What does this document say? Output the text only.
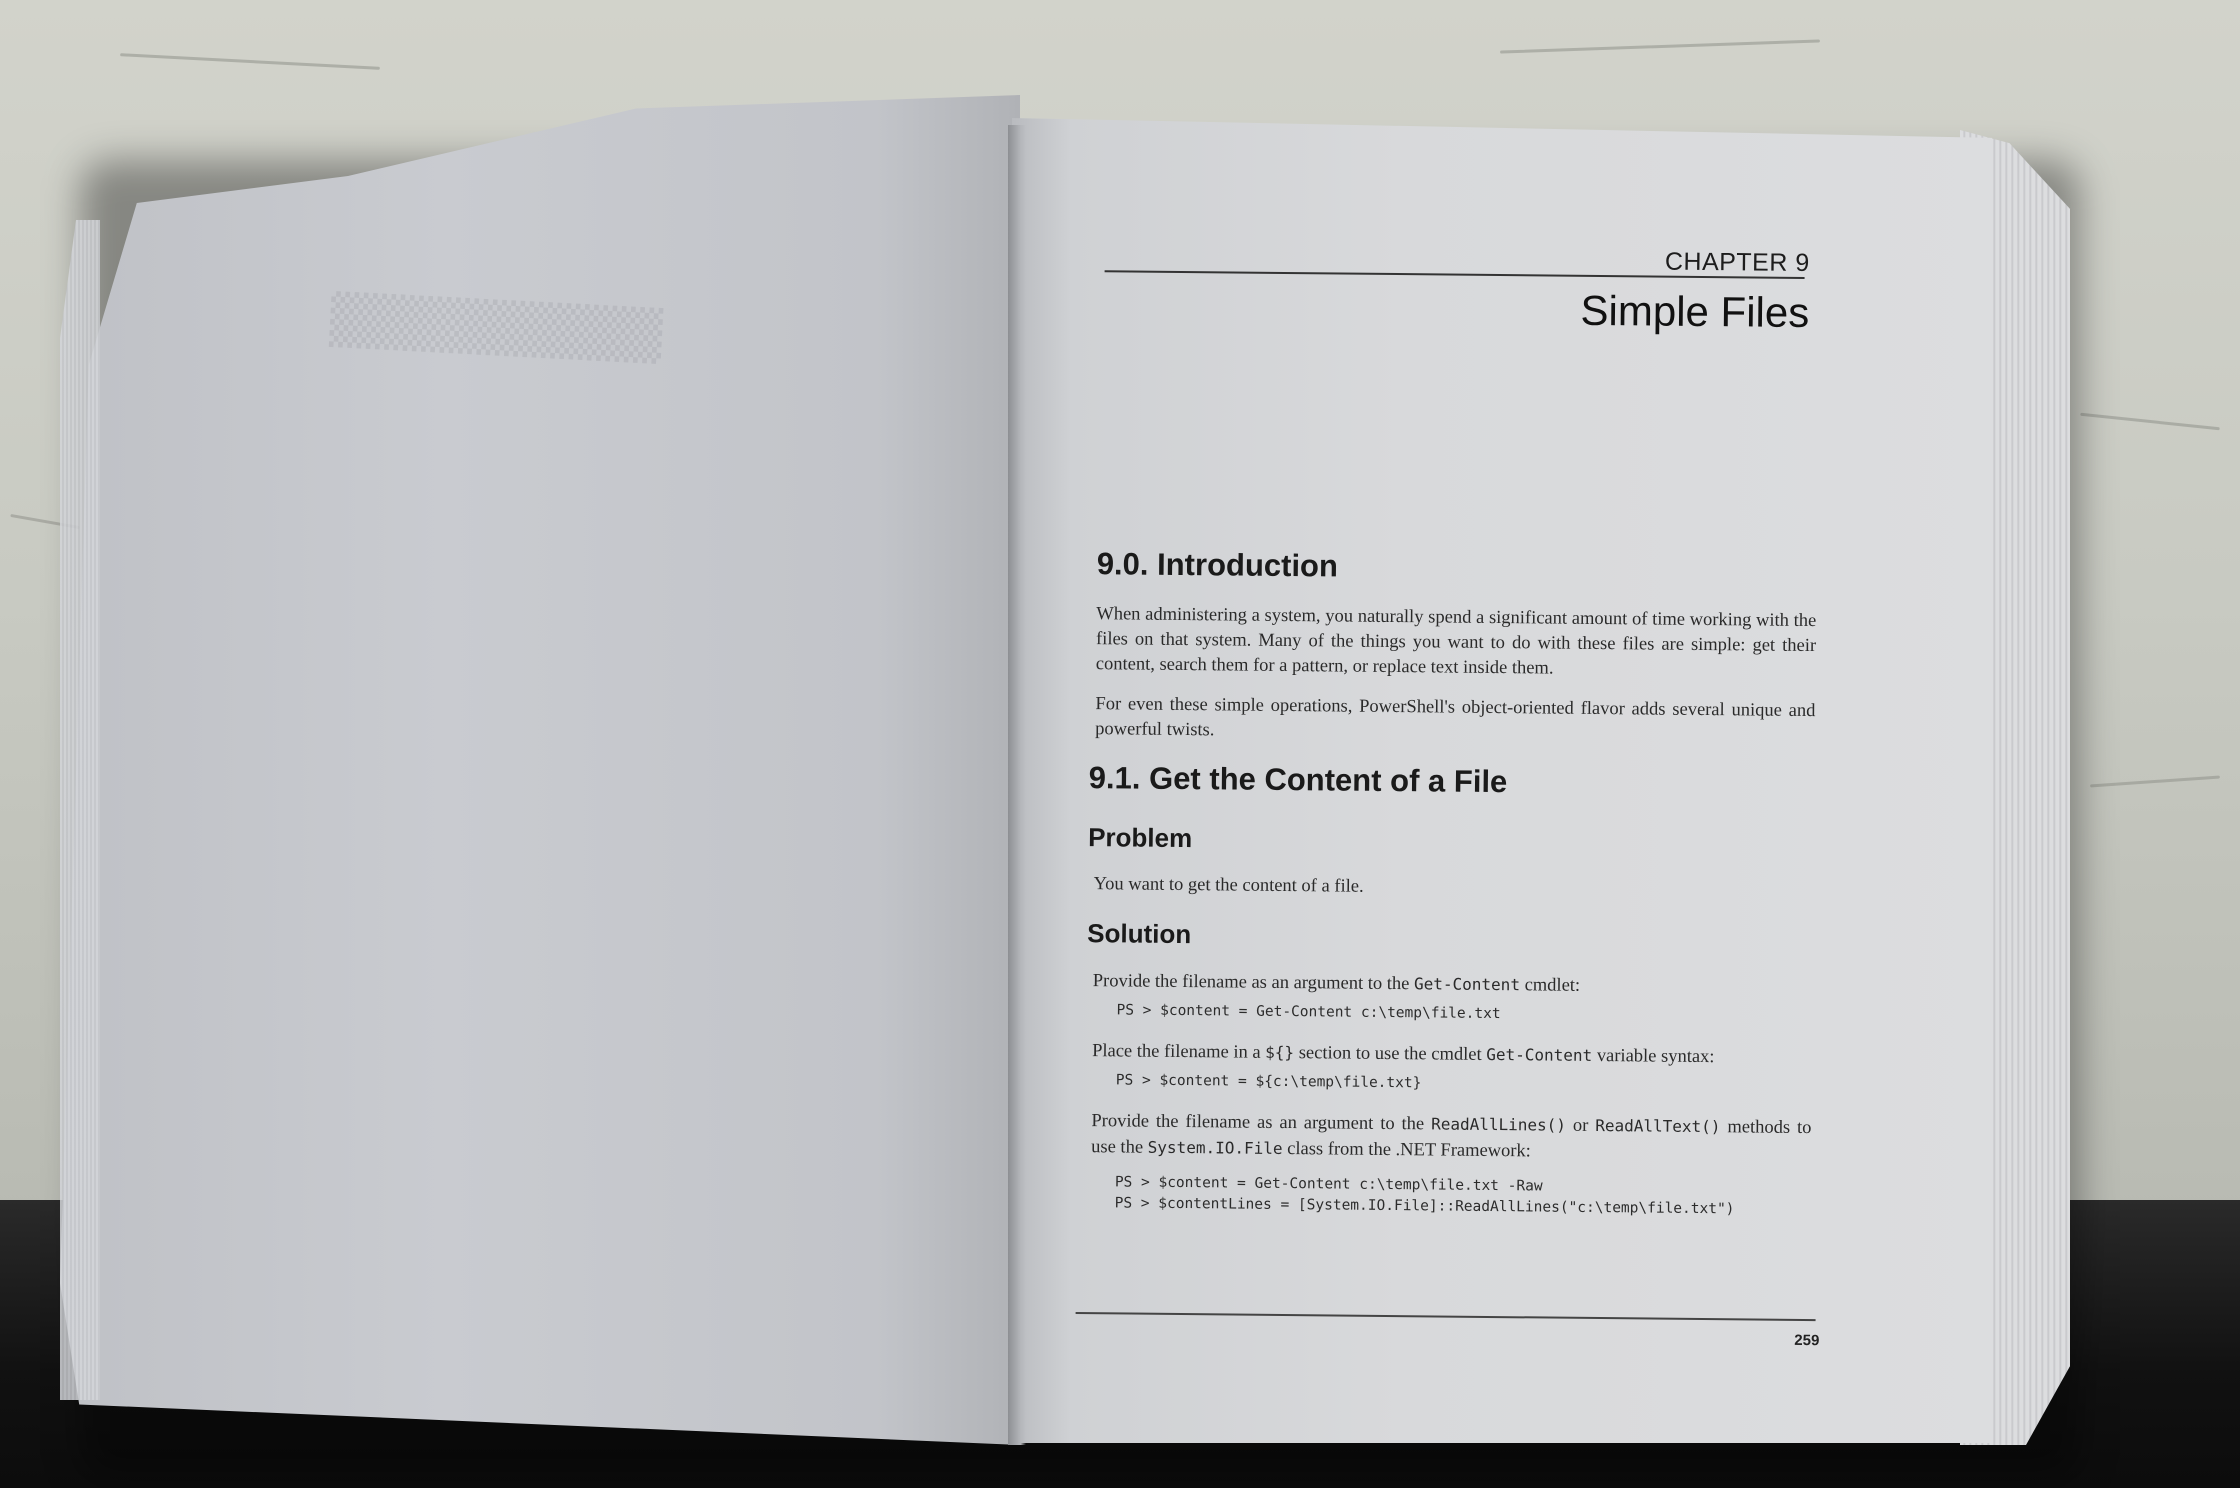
▒▒▒▒▒▒▒▒▒
CHAPTER 9
Simple Files
9.0. Introduction
When administering a system, you naturally spend a significant amount of time working with the files on that system. Many of the things you want to do with these files are simple: get their content, search them for a pattern, or replace text inside them.
For even these simple operations, PowerShell's object-oriented flavor adds several unique and powerful twists.
9.1. Get the Content of a File
Problem
You want to get the content of a file.
Solution
Provide the filename as an argument to the Get-Content cmdlet:
PS > $content = Get-Content c:\temp\file.txt
Place the filename in a ${} section to use the cmdlet Get-Content variable syntax:
PS > $content = ${c:\temp\file.txt}
Provide the filename as an argument to the ReadAllLines() or ReadAllText() methods to use the System.IO.File class from the .NET Framework:
PS > $content = Get-Content c:\temp\file.txt -Raw
PS > $contentLines = [System.IO.File]::ReadAllLines("c:\temp\file.txt")
259
